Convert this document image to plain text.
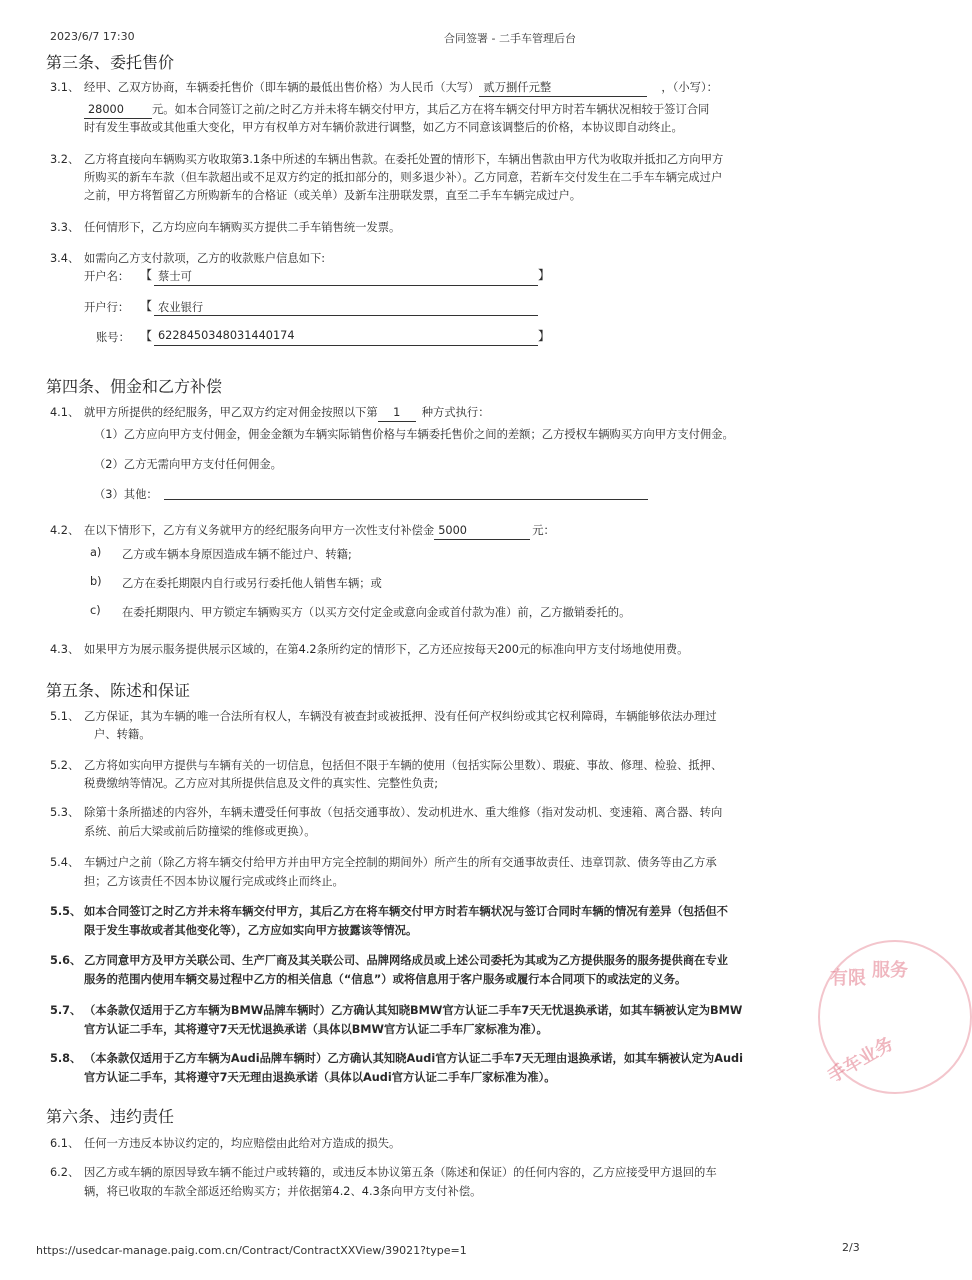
2023/6/7 17:30	合同签署 - 二手车管理后台
第三条、委托售价
3.1、 经甲、乙双方协商，车辆委托售价（即车辆的最低出售价格）为人民币（大写） 贰万捌仟元整	，（小写）：
28000 元。如本合同签订之前/之时乙方并未将车辆交付甲方，其后乙方在将车辆交付甲方时若车辆状况相较于签订合同
时有发生事故或其他重大变化，甲方有权单方对车辆价款进行调整，如乙方不同意该调整后的价格，本协议即自动终止。
3.2、 乙方将直接向车辆购买方收取第3.1条中所述的车辆出售款。在委托处置的情形下，车辆出售款由甲方代为收取并抵扣乙方向甲方
所购买的新车车款（但车款超出或不足双方约定的抵扣部分的，则多退少补）。乙方同意，若新车交付发生在二手车车辆完成过户
之前，甲方将暂留乙方所购新车的合格证（或关单）及新车注册联发票，直至二手车车辆完成过户。
3.3、 任何情形下，乙方均应向车辆购买方提供二手车销售统一发票。
3.4、 如需向乙方支付款项，乙方的收款账户信息如下:
开户名： 【 蔡士可	】
开户行： 【 农业银行
账号： 【 6228450348031440174	】
第四条、佣金和乙方补偿
4.1、 就甲方所提供的经纪服务，甲乙双方约定对佣金按照以下第 1 种方式执行：
（1）乙方应向甲方支付佣金，佣金金额为车辆实际销售价格与车辆委托售价之间的差额；乙方授权车辆购买方向甲方支付佣金。
（2）乙方无需向甲方支付任何佣金。
（3）其他：
4.2、 在以下情形下，乙方有义务就甲方的经纪服务向甲方一次性支付补偿金 5000	元：
a) 乙方或车辆本身原因造成车辆不能过户、转籍;
b) 乙方在委托期限内自行或另行委托他人销售车辆；或
c) 在委托期限内、甲方锁定车辆购买方（以买方交付定金或意向金或首付款为准）前，乙方撤销委托的。
4.3、 如果甲方为展示服务提供展示区域的，在第4.2条所约定的情形下，乙方还应按每天200元的标准向甲方支付场地使用费。
第五条、陈述和保证
5.1、 乙方保证，其为车辆的唯一合法所有权人，车辆没有被查封或被抵押、没有任何产权纠纷或其它权利障碍，车辆能够依法办理过
户、转籍。
5.2、 乙方将如实向甲方提供与车辆有关的一切信息，包括但不限于车辆的使用（包括实际公里数）、瑕疵、事故、修理、检验、抵押、
税费缴纳等情况。乙方应对其所提供信息及文件的真实性、完整性负责;
5.3、 除第十条所描述的内容外，车辆未遭受任何事故（包括交通事故）、发动机进水、重大维修（指对发动机、变速箱、离合器、转向
系统、前后大梁或前后防撞梁的维修或更换）。
5.4、 车辆过户之前（除乙方将车辆交付给甲方并由甲方完全控制的期间外）所产生的所有交通事故责任、违章罚款、债务等由乙方承
担；乙方该责任不因本协议履行完成或终止而终止。
5.5、 如本合同签订之时乙方并未将车辆交付甲方，其后乙方在将车辆交付甲方时若车辆状况与签订合同时车辆的情况有差异（包括但不
限于发生事故或者其他变化等），乙方应如实向甲方披露该等情况。
5.6、 乙方同意甲方及甲方关联公司、生产厂商及其关联公司、品牌网络成员或上述公司委托为其或为乙方提供服务的服务提供商在专业
服务的范围内使用车辆交易过程中乙方的相关信息（“信息”）或将信息用于客户服务或履行本合同项下的或法定的义务。
5.7、 （本条款仅适用于乙方车辆为BMW品牌车辆时）乙方确认其知晓BMW官方认证二手车7天无忧退换承诺，如其车辆被认定为BMW
官方认证二手车，其将遵守7天无忧退换承诺（具体以BMW官方认证二手车厂家标准为准）。
5.8、 （本条款仅适用于乙方车辆为Audi品牌车辆时）乙方确认其知晓Audi官方认证二手车7天无理由退换承诺，如其车辆被认定为Audi
官方认证二手车，其将遵守7天无理由退换承诺（具体以Audi官方认证二手车厂家标准为准）。
第六条、违约责任
6.1、 任何一方违反本协议约定的，均应赔偿由此给对方造成的损失。
6.2、 因乙方或车辆的原因导致车辆不能过户或转籍的，或违反本协议第五条（陈述和保证）的任何内容的，乙方应接受甲方退回的车
辆，将已收取的车款全部返还给购买方；并依据第4.2、4.3条向甲方支付补偿。
有限 服务
手车业务
https://usedcar-manage.paig.com.cn/Contract/ContractXXView/39021?type=1	2/3
